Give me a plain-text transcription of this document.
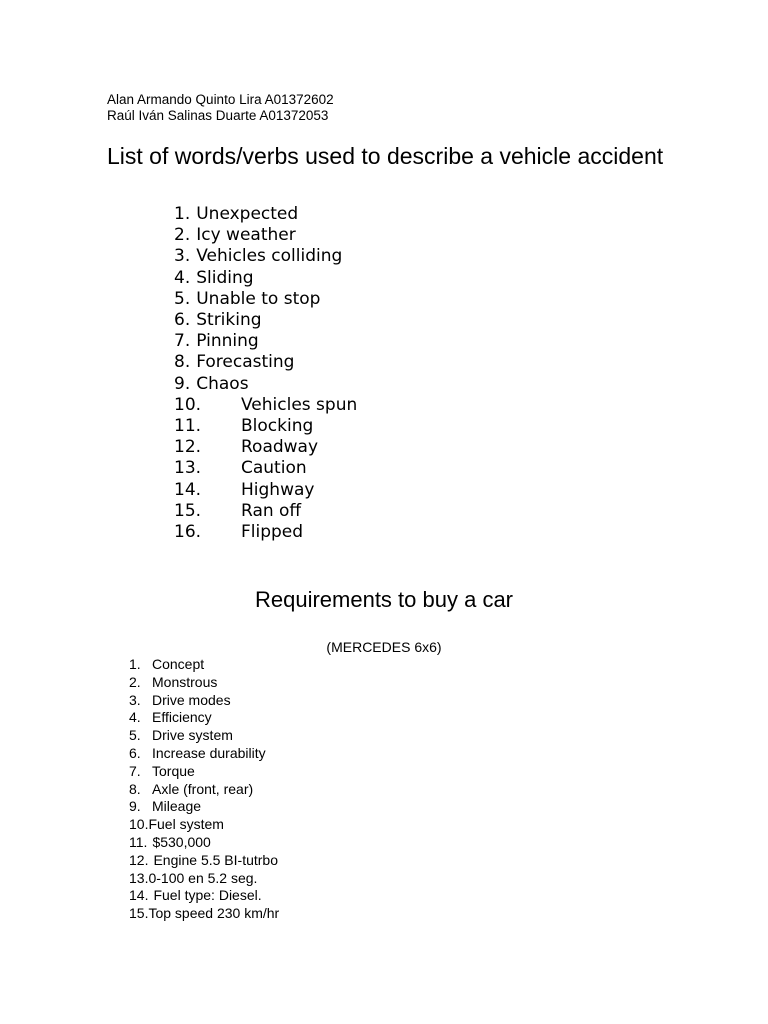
Alan Armando Quinto Lira A01372602
Raúl Iván Salinas Duarte A01372053
List of words/verbs used to describe a vehicle accident
1. Unexpected
2. Icy weather
3. Vehicles colliding
4. Sliding
5. Unable to stop
6. Striking
7. Pinning
8. Forecasting
9. Chaos
10.	Vehicles spun
11.	Blocking
12.	Roadway
13.	Caution
14.	Highway
15.	Ran off
16.	Flipped
Requirements to buy a car
(MERCEDES 6x6)
1. Concept
2. Monstrous
3. Drive modes
4. Efficiency
5. Drive system
6. Increase durability
7. Torque
8. Axle (front, rear)
9. Mileage
10. Fuel system
11. $530,000
12. Engine 5.5 BI-tutrbo
13. 0-100 en 5.2 seg.
14. Fuel type: Diesel.
15. Top speed 230 km/hr
